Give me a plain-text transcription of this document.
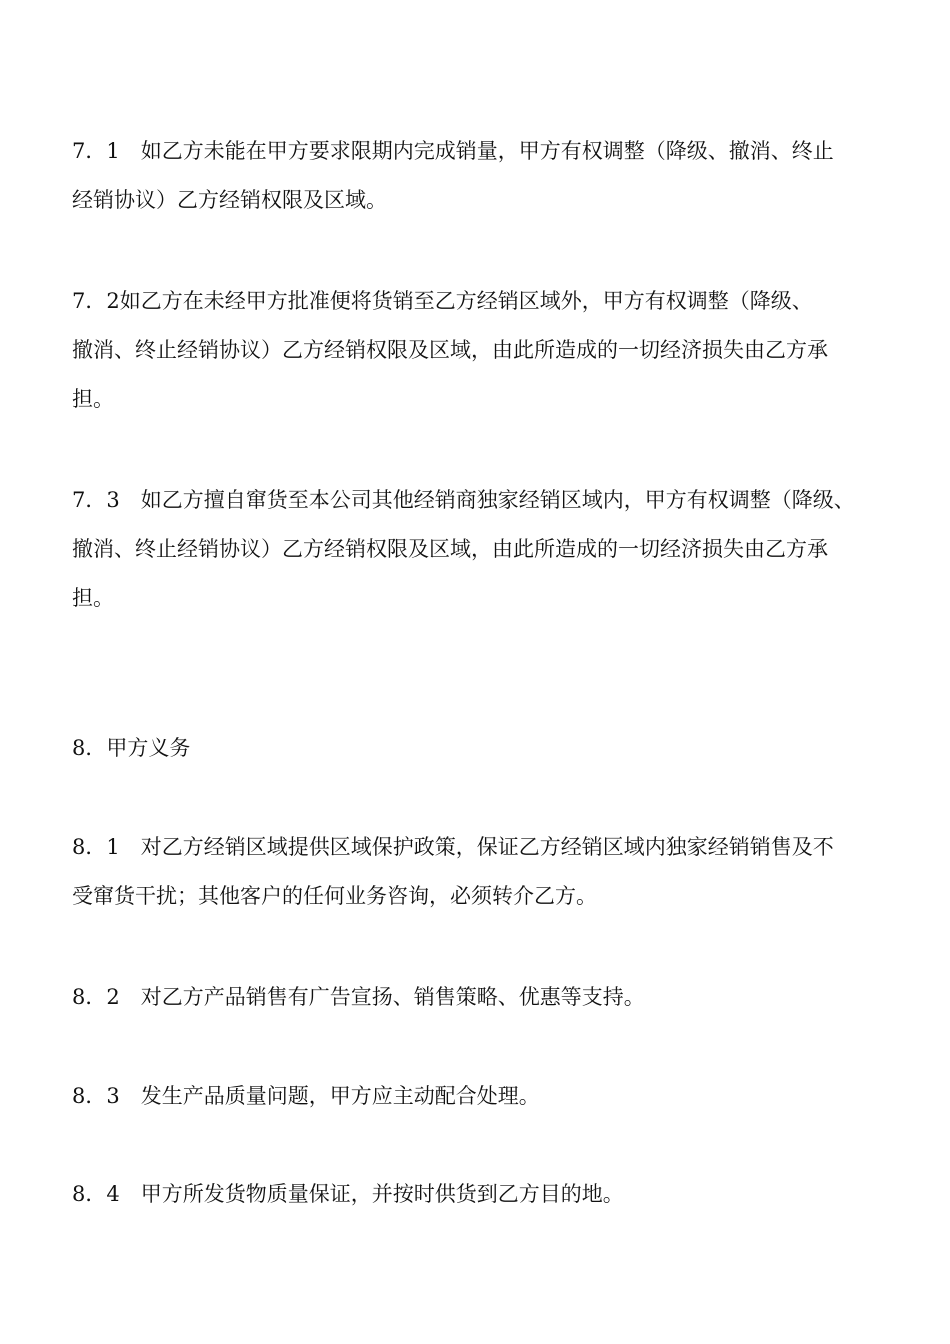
7．1　如乙方未能在甲方要求限期内完成销量，甲方有权调整（降级、撤消、终止
经销协议）乙方经销权限及区域。

7．2如乙方在未经甲方批准便将货销至乙方经销区域外，甲方有权调整（降级、
撤消、终止经销协议）乙方经销权限及区域，由此所造成的一切经济损失由乙方承
担。

7．3　如乙方擅自窜货至本公司其他经销商独家经销区域内，甲方有权调整（降级、
撤消、终止经销协议）乙方经销权限及区域，由此所造成的一切经济损失由乙方承
担。

8．甲方义务

8．1　对乙方经销区域提供区域保护政策，保证乙方经销区域内独家经销销售及不
受窜货干扰；其他客户的任何业务咨询，必须转介乙方。

8．2　对乙方产品销售有广告宣扬、销售策略、优惠等支持。

8．3　发生产品质量问题，甲方应主动配合处理。

8．4　甲方所发货物质量保证，并按时供货到乙方目的地。
